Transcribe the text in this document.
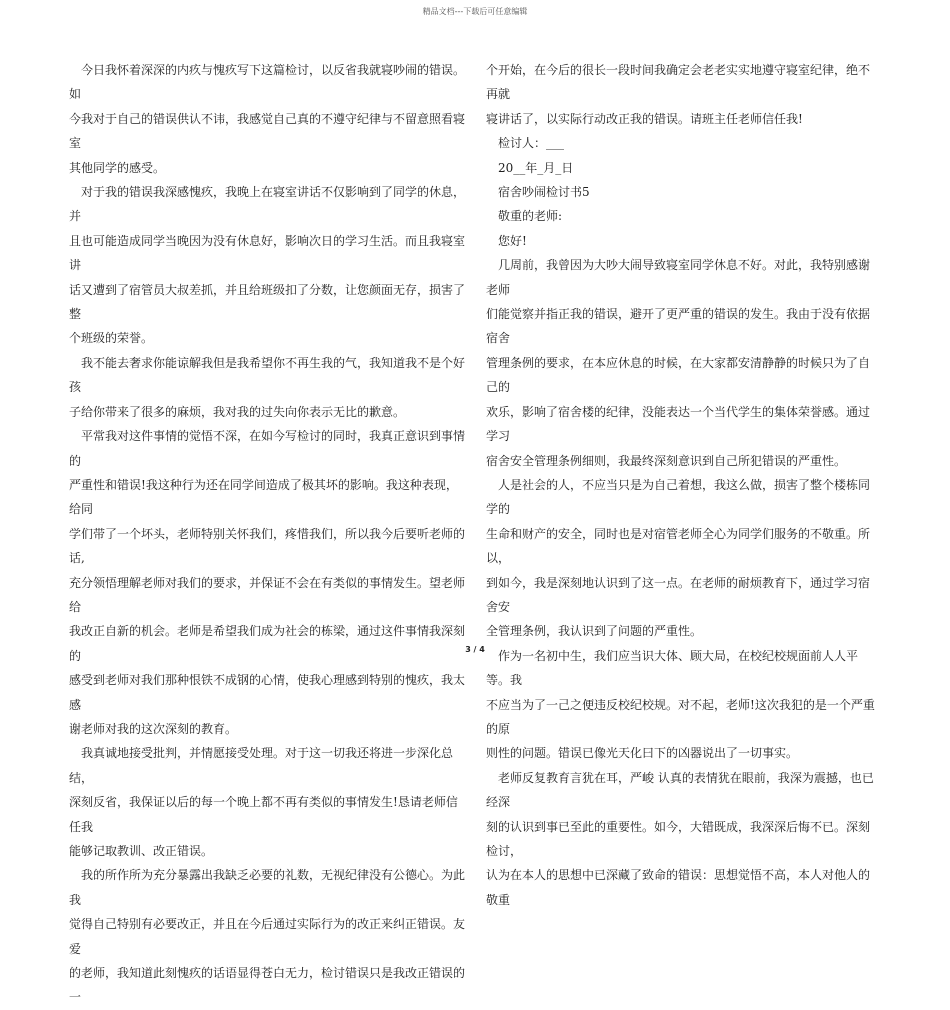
精品文档---下载后可任意编辑

　今日我怀着深深的内疚与愧疚写下这篇检讨，以反省我就寝吵闹的错误。如

今我对于自己的错误供认不讳，我感觉自己真的不遵守纪律与不留意照看寝室

其他同学的感受。

　对于我的错误我深感愧疚，我晚上在寝室讲话不仅影响到了同学的休息，并

且也可能造成同学当晚因为没有休息好，影响次日的学习生活。而且我寝室讲

话又遭到了宿管员大叔差抓，并且给班级扣了分数，让您颜面无存，损害了整

个班级的荣誉。

　我不能去奢求你能谅解我但是我希望你不再生我的气，我知道我不是个好孩

子给你带来了很多的麻烦，我对我的过失向你表示无比的歉意。

　平常我对这件事情的觉悟不深，在如今写检讨的同时，我真正意识到事情的

严重性和错误!我这种行为还在同学间造成了极其坏的影响。我这种表现，给同

学们带了一个坏头，老师特别关怀我们，疼惜我们，所以我今后要听老师的话,

充分领悟理解老师对我们的要求，并保证不会在有类似的事情发生。望老师给

我改正自新的机会。老师是希望我们成为社会的栋梁，通过这件事情我深刻的

感受到老师对我们那种恨铁不成钢的心情，使我心理感到特别的愧疚，我太感

谢老师对我的这次深刻的教育。

　我真诚地接受批判，并情愿接受处理。对于这一切我还将进一步深化总结，

深刻反省，我保证以后的每一个晚上都不再有类似的事情发生!恳请老师信任我

能够记取教训、改正错误。

　我的所作所为充分暴露出我缺乏必要的礼数，无视纪律没有公德心。为此我

觉得自己特别有必要改正，并且在今后通过实际行为的改正来纠正错误。友爱

的老师，我知道此刻愧疚的话语显得苍白无力，检讨错误只是我改正错误的一

个开始，在今后的很长一段时间我确定会老老实实地遵守寝室纪律，绝不再就

寝讲话了，以实际行动改正我的错误。请班主任老师信任我!

　检讨人：___

　20__年_月_日

　宿舍吵闹检讨书5

　敬重的老师:

　您好!

　几周前，我曾因为大吵大闹导致寝室同学休息不好。对此，我特别感谢老师

们能觉察并指正我的错误，避开了更严重的错误的发生。我由于没有依据宿舍

管理条例的要求，在本应休息的时候，在大家都安清静静的时候只为了自己的

欢乐，影响了宿舍楼的纪律，没能表达一个当代学生的集体荣誉感。通过学习

宿舍安全管理条例细则，我最终深刻意识到自己所犯错误的严重性。

　人是社会的人，不应当只是为自己着想，我这么做，损害了整个楼栋同学的

生命和财产的安全，同时也是对宿管老师全心为同学们服务的不敬重。所以，

到如今，我是深刻地认识到了这一点。在老师的耐烦教育下，通过学习宿舍安

全管理条例，我认识到了问题的严重性。

　作为一名初中生，我们应当识大体、顾大局，在校纪校规面前人人平等。我

不应当为了一己之便违反校纪校规。对不起，老师!这次我犯的是一个严重的原

则性的问题。错误已像光天化曰下的凶器说出了一切事实。

　老师反复教育言犹在耳，严峻 认真的表情犹在眼前，我深为震撼，也已经深

刻的认识到事已至此的重要性。如今，大错既成，我深深后悔不已。深刻检讨，

认为在本人的思想中已深藏了致命的错误：思想觉悟不高，本人对他人的敬重

3 / 4
